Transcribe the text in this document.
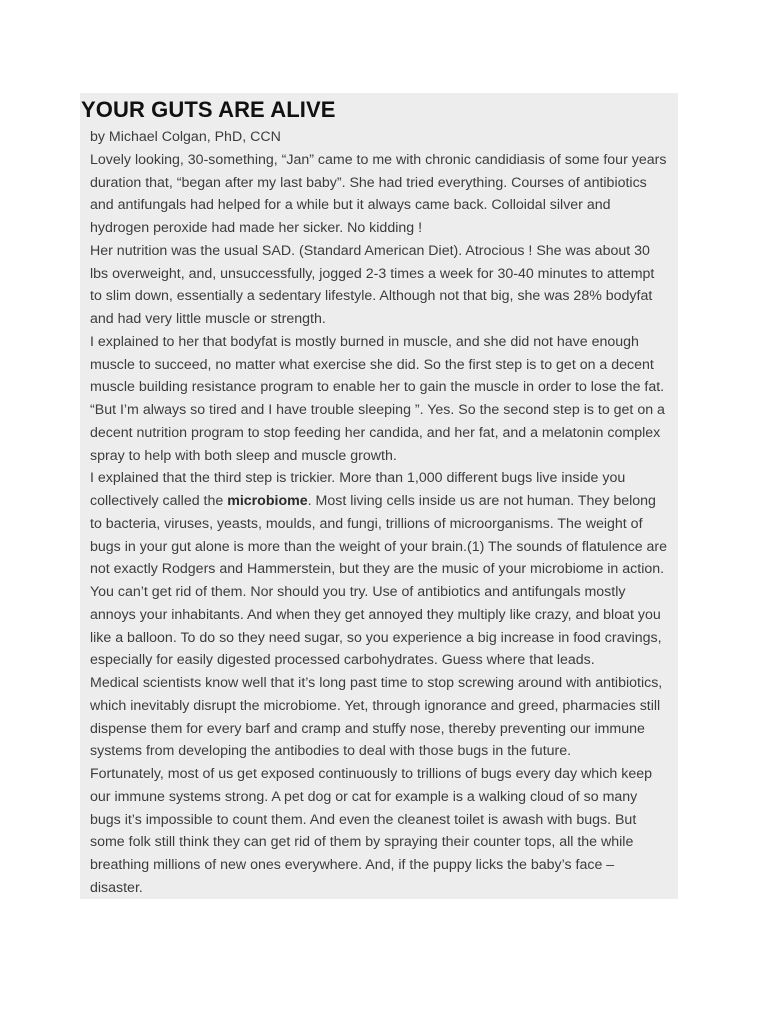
YOUR GUTS ARE ALIVE
by Michael Colgan, PhD, CCN
Lovely looking, 30-something, “Jan” came to me with chronic candidiasis of some four years
duration that, “began after my last baby”. She had tried everything. Courses of antibiotics
and antifungals had helped for a while but it always came back. Colloidal silver and
hydrogen peroxide had made her sicker. No kidding !
Her nutrition was the usual SAD. (Standard American Diet). Atrocious ! She was about 30
lbs overweight, and, unsuccessfully, jogged 2-3 times a week for 30-40 minutes to attempt
to slim down, essentially a sedentary lifestyle. Although not that big, she was 28% bodyfat
and had very little muscle or strength.
I explained to her that bodyfat is mostly burned in muscle, and she did not have enough
muscle to succeed, no matter what exercise she did. So the first step is to get on a decent
muscle building resistance program to enable her to gain the muscle in order to lose the fat.
“But I’m always so tired and I have trouble sleeping ”. Yes. So the second step is to get on a
decent nutrition program to stop feeding her candida, and her fat, and a melatonin complex
spray to help with both sleep and muscle growth.
I explained that the third step is trickier. More than 1,000 different bugs live inside you
collectively called the microbiome. Most living cells inside us are not human. They belong
to bacteria, viruses, yeasts, moulds, and fungi, trillions of microorganisms. The weight of
bugs in your gut alone is more than the weight of your brain.(1) The sounds of flatulence are
not exactly Rodgers and Hammerstein, but they are the music of your microbiome in action.
You can’t get rid of them. Nor should you try. Use of antibiotics and antifungals mostly
annoys your inhabitants. And when they get annoyed they multiply like crazy, and bloat you
like a balloon. To do so they need sugar, so you experience a big increase in food cravings,
especially for easily digested processed carbohydrates. Guess where that leads.
Medical scientists know well that it’s long past time to stop screwing around with antibiotics,
which inevitably disrupt the microbiome. Yet, through ignorance and greed, pharmacies still
dispense them for every barf and cramp and stuffy nose, thereby preventing our immune
systems from developing the antibodies to deal with those bugs in the future.
Fortunately, most of us get exposed continuously to trillions of bugs every day which keep
our immune systems strong. A pet dog or cat for example is a walking cloud of so many
bugs it’s impossible to count them. And even the cleanest toilet is awash with bugs. But
some folk still think they can get rid of them by spraying their counter tops, all the while
breathing millions of new ones everywhere. And, if the puppy licks the baby’s face –
disaster.
